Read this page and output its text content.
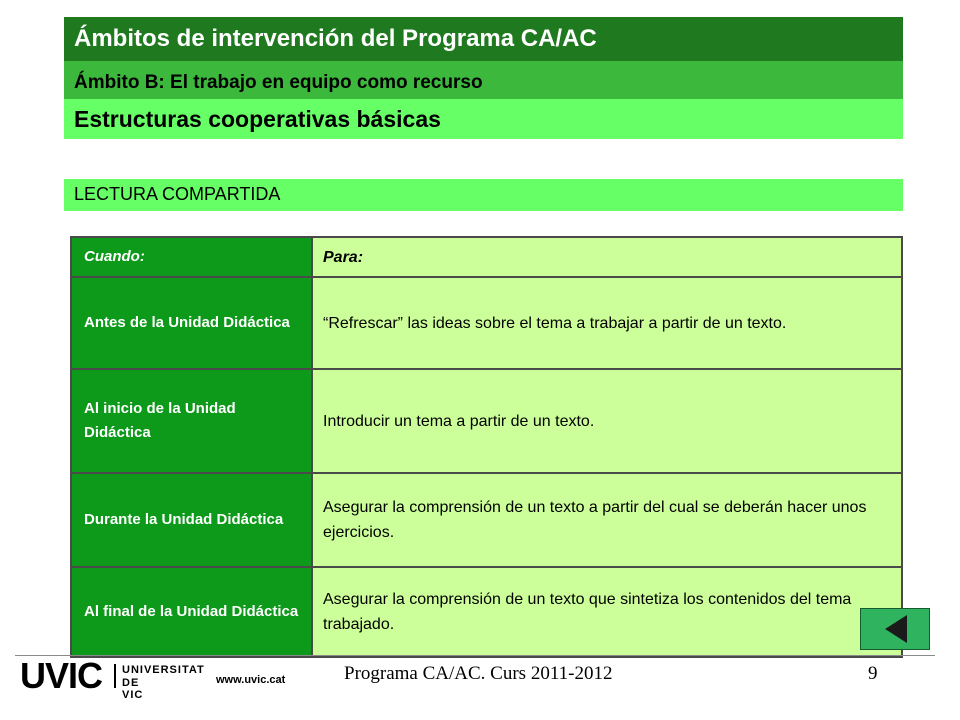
Ámbitos de intervención del Programa CA/AC
Ámbito B: El trabajo en equipo como recurso
Estructuras cooperativas básicas
LECTURA COMPARTIDA
Cuando:	Para:
Antes de la Unidad Didáctica	“Refrescar” las ideas sobre el tema a trabajar a partir de un texto.
Al inicio de la Unidad Didáctica	Introducir un tema a partir de un texto.
Durante la Unidad Didáctica	Asegurar la comprensión de un texto a partir del cual se deberán hacer unos ejercicios.
Al final de la Unidad Didáctica	Asegurar la comprensión de un texto que sintetiza los contenidos del tema trabajado.
UVIC UNIVERSITAT
DE VIC
www.uvic.cat	Programa CA/AC. Curs 2011-2012	9
